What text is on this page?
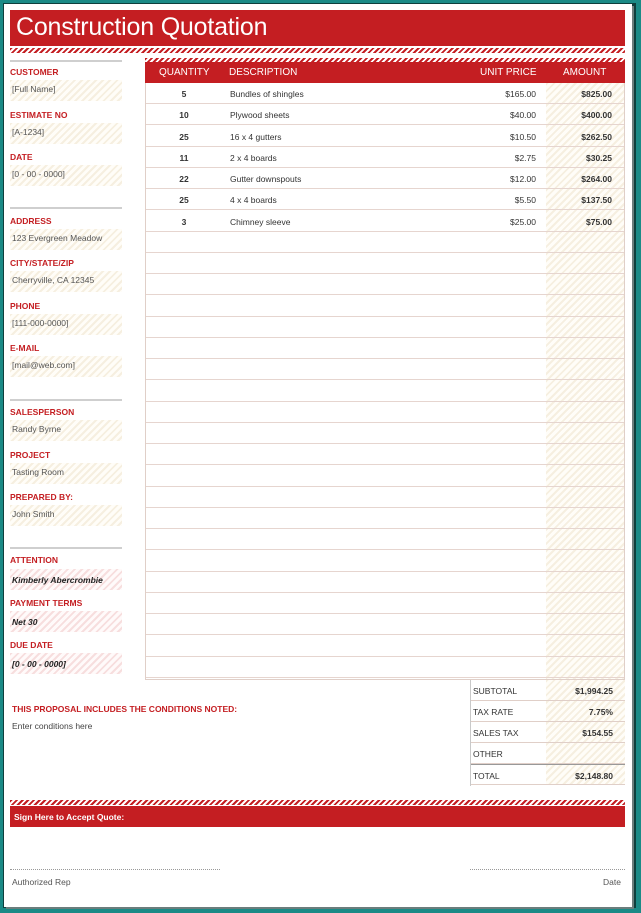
Construction Quotation
CUSTOMER
[Full Name]
ESTIMATE NO
[A-1234]
DATE
[0 - 00 - 0000]
ADDRESS
123 Evergreen Meadow
CITY/STATE/ZIP
Cherryville, CA 12345
PHONE
[111-000-0000]
E-MAIL
[mail@web.com]
SALESPERSON
Randy Byrne
PROJECT
Tasting Room
PREPARED BY:
John Smith
ATTENTION
Kimberly Abercrombie
PAYMENT TERMS
Net 30
DUE DATE
[0 - 00 - 0000]
QUANTITY DESCRIPTION	UNIT PRICE	AMOUNT
5	Bundles of shingles	$165.00	$825.00
10	Plywood sheets	$40.00	$400.00
25	16 x 4 gutters	$10.50	$262.50
11	2 x 4 boards	$2.75	$30.25
22	Gutter downspouts	$12.00	$264.00
25	4 x 4 boards	$5.50	$137.50
3	Chimney sleeve	$25.00	$75.00
SUBTOTAL	$1,994.25
TAX RATE	7.75%
SALES TAX	$154.55
OTHER
TOTAL	$2,148.80
THIS PROPOSAL INCLUDES THE CONDITIONS NOTED:
Enter conditions here
Sign Here to Accept Quote:
Authorized Rep	Date
